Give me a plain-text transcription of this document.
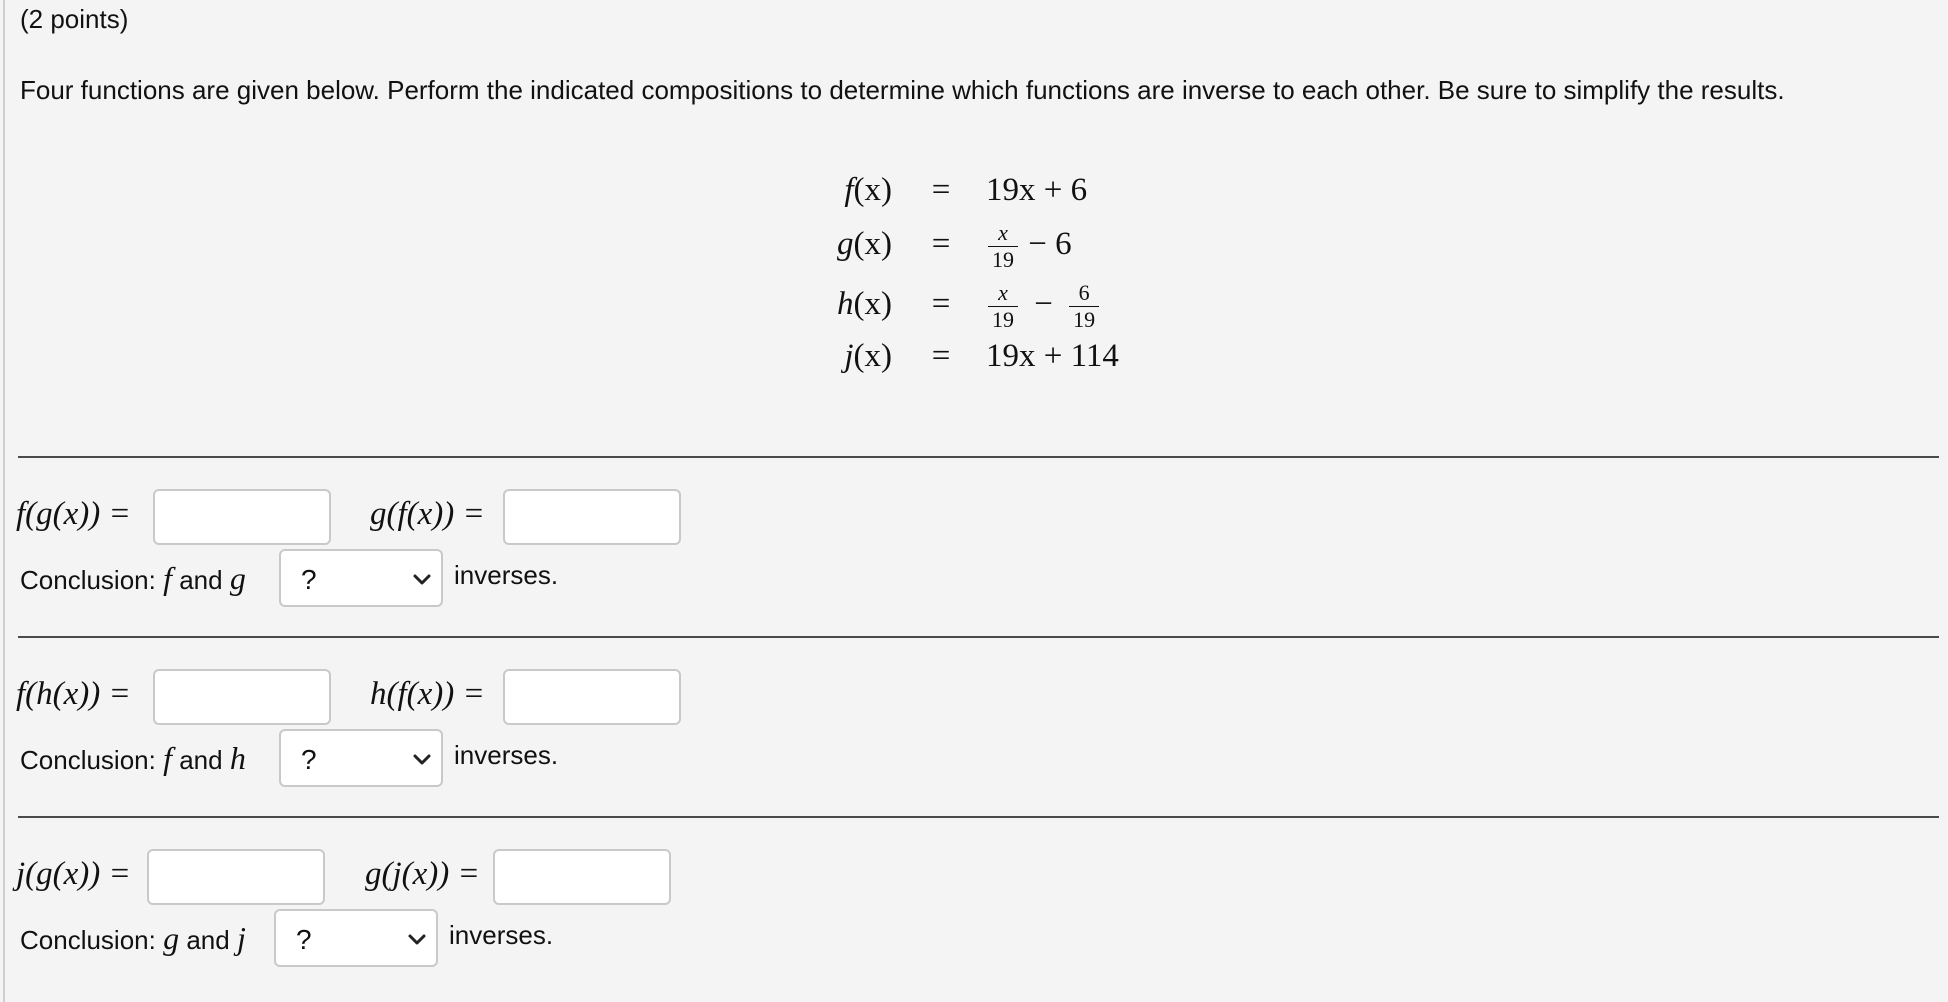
(2 points)
Four functions are given below. Perform the indicated compositions to determine which functions are inverse to each other. Be sure to simplify the results.
f(x)	=	19x + 6
g(x)	=	$\frac{x}{19} - 6$
h(x)	=	$\frac{x}{19} - \frac{6}{19}$
j(x)	=	19x + 114
f(g(x)) =	g(f(x)) =
Conclusion: f and g ?	inverses.
f(h(x)) =	h(f(x)) =
Conclusion: f and h ?	inverses.
j(g(x)) =	g(j(x)) =
Conclusion: g and j ?	inverses.
